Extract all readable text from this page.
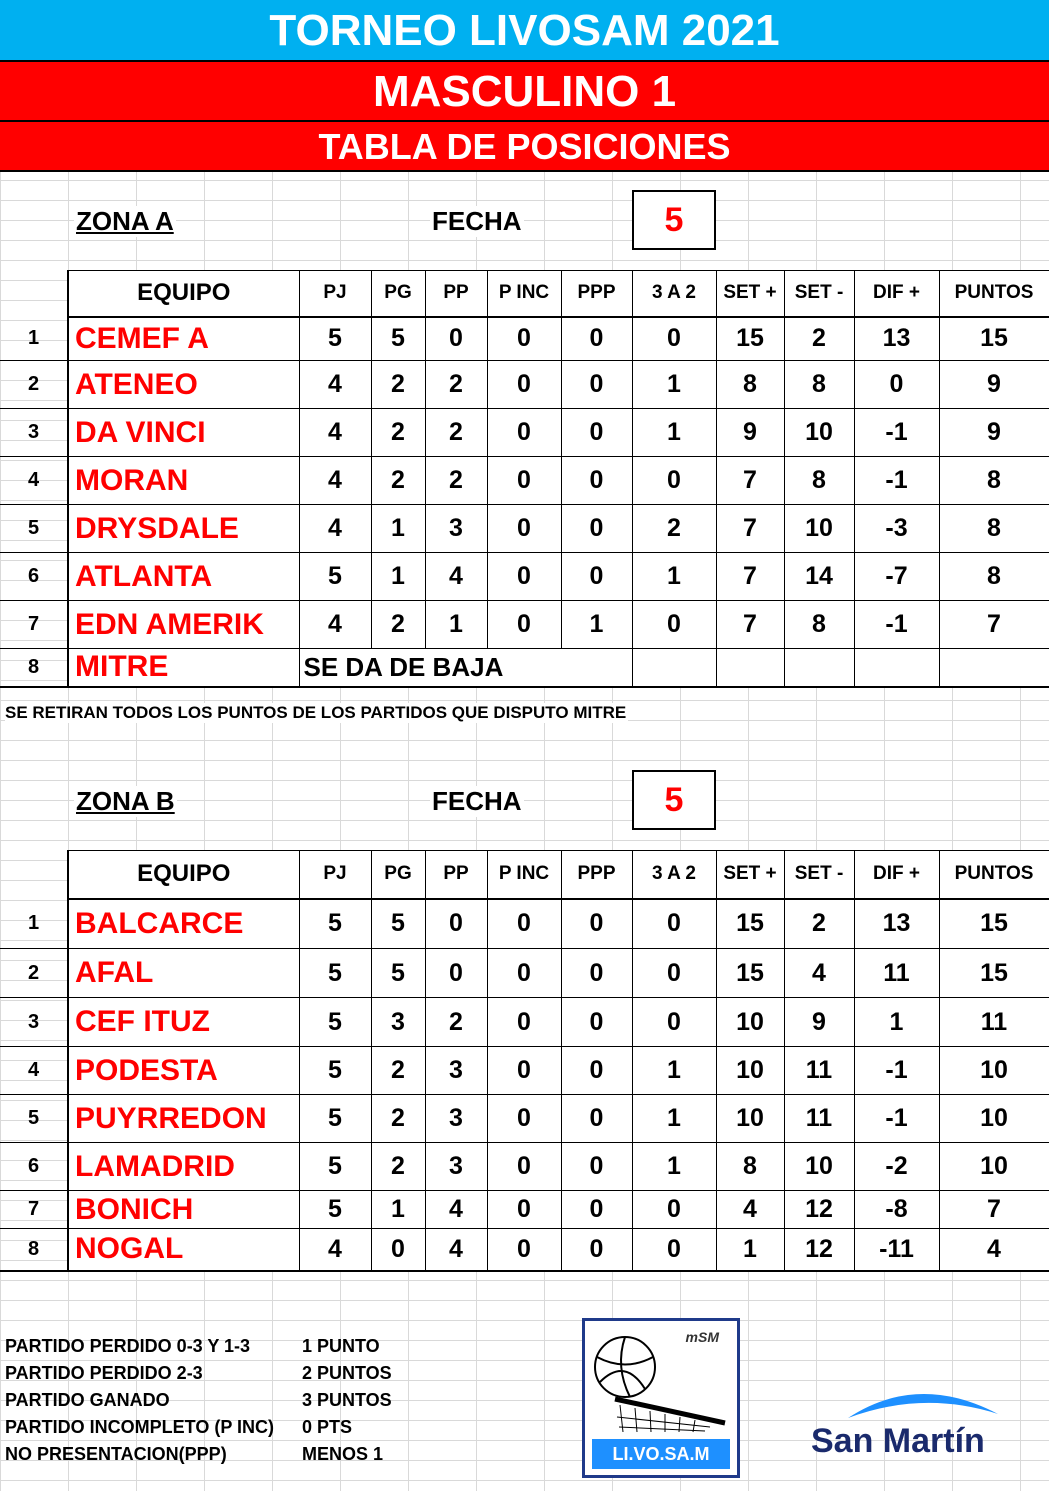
TORNEO LIVOSAM 2021
MASCULINO 1
TABLA DE POSICIONES
ZONA A	FECHA	5
	EQUIPO	PJ	PG	PP	P INC	PPP	3 A 2	SET +	SET -	DIF +	PUNTOS
1	CEMEF A	5	5	0	0	0	0	15	2	13	15
2	ATENEO	4	2	2	0	0	1	8	8	0	9
3	DA VINCI	4	2	2	0	0	1	9	10	-1	9
4	MORAN	4	2	2	0	0	0	7	8	-1	8
5	DRYSDALE	4	1	3	0	0	2	7	10	-3	8
6	ATLANTA	5	1	4	0	0	1	7	14	-7	8
7	EDN AMERIK	4	2	1	0	1	0	7	8	-1	7
8	MITRE	SE DA DE BAJA									
SE RETIRAN TODOS LOS PUNTOS DE LOS PARTIDOS QUE DISPUTO MITRE
ZONA B	FECHA	5
	EQUIPO	PJ	PG	PP	P INC	PPP	3 A 2	SET +	SET -	DIF +	PUNTOS
1	BALCARCE	5	5	0	0	0	0	15	2	13	15
2	AFAL	5	5	0	0	0	0	15	4	11	15
3	CEF ITUZ	5	3	2	0	0	0	10	9	1	11
4	PODESTA	5	2	3	0	0	1	10	11	-1	10
5	PUYRREDON	5	2	3	0	0	1	10	11	-1	10
6	LAMADRID	5	2	3	0	0	1	8	10	-2	10
7	BONICH	5	1	4	0	0	0	4	12	-8	7
8	NOGAL	4	0	4	0	0	0	1	12	-11	4
PARTIDO PERDIDO 0-3 Y 1-3	1 PUNTO
PARTIDO PERDIDO 2-3	2 PUNTOS
PARTIDO GANADO	3 PUNTOS
PARTIDO INCOMPLETO (P INC)	0 PTS
NO PRESENTACION(PPP)	MENOS 1
mSM
LI.VO.SA.M	San Martín
